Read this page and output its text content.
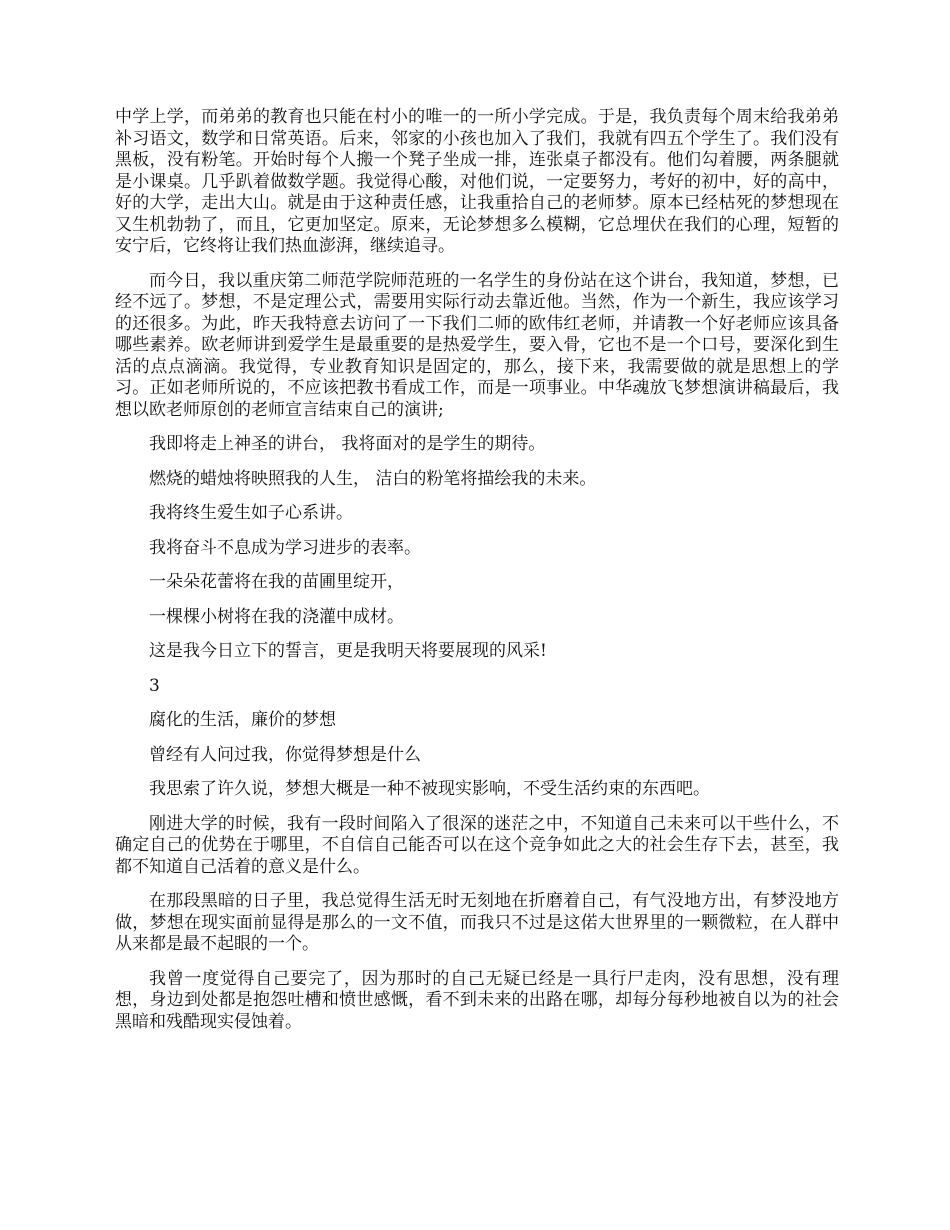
中学上学，而弟弟的教育也只能在村小的唯一的一所小学完成。于是，我负责每个周末给我弟弟补习语文，数学和日常英语。后来，邻家的小孩也加入了我们，我就有四五个学生了。我们没有黑板，没有粉笔。开始时每个人搬一个凳子坐成一排，连张桌子都没有。他们勾着腰，两条腿就是小课桌。几乎趴着做数学题。我觉得心酸，对他们说，一定要努力，考好的初中，好的高中，好的大学，走出大山。就是由于这种责任感，让我重拾自己的老师梦。原本已经枯死的梦想现在又生机勃勃了，而且，它更加坚定。原来，无论梦想多么模糊，它总埋伏在我们的心理，短暂的安宁后，它终将让我们热血澎湃，继续追寻。

而今日，我以重庆第二师范学院师范班的一名学生的身份站在这个讲台，我知道，梦想，已经不远了。梦想，不是定理公式，需要用实际行动去靠近他。当然，作为一个新生，我应该学习的还很多。为此，昨天我特意去访问了一下我们二师的欧伟红老师，并请教一个好老师应该具备哪些素养。欧老师讲到爱学生是最重要的是热爱学生，要入骨，它也不是一个口号，要深化到生活的点点滴滴。我觉得，专业教育知识是固定的，那么，接下来，我需要做的就是思想上的学习。正如老师所说的，不应该把教书看成工作，而是一项事业。中华魂放飞梦想演讲稿最后，我想以欧老师原创的老师宣言结束自己的演讲;

我即将走上神圣的讲台， 我将面对的是学生的期待。

燃烧的蜡烛将映照我的人生， 洁白的粉笔将描绘我的未来。

我将终生爱生如子心系讲。

我将奋斗不息成为学习进步的表率。

一朵朵花蕾将在我的苗圃里绽开，

一棵棵小树将在我的浇灌中成材。

这是我今日立下的誓言，更是我明天将要展现的风采!

3

腐化的生活，廉价的梦想

曾经有人问过我，你觉得梦想是什么

我思索了许久说，梦想大概是一种不被现实影响，不受生活约束的东西吧。

刚进大学的时候，我有一段时间陷入了很深的迷茫之中，不知道自己未来可以干些什么，不确定自己的优势在于哪里，不自信自己能否可以在这个竞争如此之大的社会生存下去，甚至，我都不知道自己活着的意义是什么。

在那段黑暗的日子里，我总觉得生活无时无刻地在折磨着自己，有气没地方出，有梦没地方做，梦想在现实面前显得是那么的一文不值，而我只不过是这偌大世界里的一颗微粒，在人群中从来都是最不起眼的一个。

我曾一度觉得自己要完了，因为那时的自己无疑已经是一具行尸走肉，没有思想，没有理想，身边到处都是抱怨吐槽和愤世感慨，看不到未来的出路在哪，却每分每秒地被自以为的社会黑暗和残酷现实侵蚀着。
